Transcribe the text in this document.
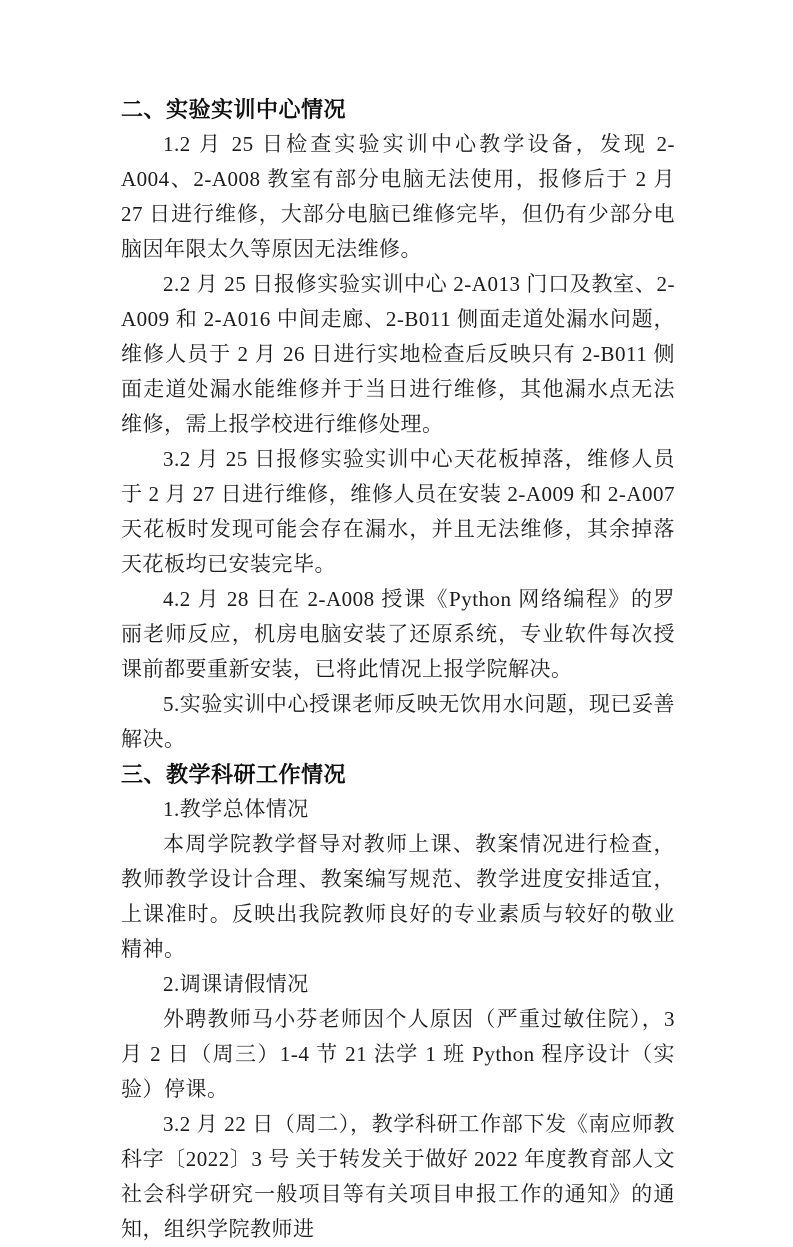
二、实验实训中心情况

1.2 月 25 日检查实验实训中心教学设备，发现 2-A004、2-A008 教室有部分电脑无法使用，报修后于 2 月 27 日进行维修，大部分电脑已维修完毕，但仍有少部分电脑因年限太久等原因无法维修。

2.2 月 25 日报修实验实训中心 2-A013 门口及教室、2-A009 和 2-A016 中间走廊、2-B011 侧面走道处漏水问题，维修人员于 2 月 26 日进行实地检查后反映只有 2-B011 侧面走道处漏水能维修并于当日进行维修，其他漏水点无法维修，需上报学校进行维修处理。

3.2 月 25 日报修实验实训中心天花板掉落，维修人员于 2 月 27 日进行维修，维修人员在安装 2-A009 和 2-A007 天花板时发现可能会存在漏水，并且无法维修，其余掉落天花板均已安装完毕。

4.2 月 28 日在 2-A008 授课《Python 网络编程》的罗丽老师反应，机房电脑安装了还原系统，专业软件每次授课前都要重新安装，已将此情况上报学院解决。

5.实验实训中心授课老师反映无饮用水问题，现已妥善解决。

三、教学科研工作情况

1.教学总体情况

本周学院教学督导对教师上课、教案情况进行检查，教师教学设计合理、教案编写规范、教学进度安排适宜，上课准时。反映出我院教师良好的专业素质与较好的敬业精神。

2.调课请假情况

外聘教师马小芬老师因个人原因（严重过敏住院），3 月 2 日（周三）1-4 节 21 法学 1 班 Python 程序设计（实验）停课。

3.2 月 22 日（周二），教学科研工作部下发《南应师教科字〔2022〕3 号 关于转发关于做好 2022 年度教育部人文社会科学研究一般项目等有关项目申报工作的通知》的通知，组织学院教师进
